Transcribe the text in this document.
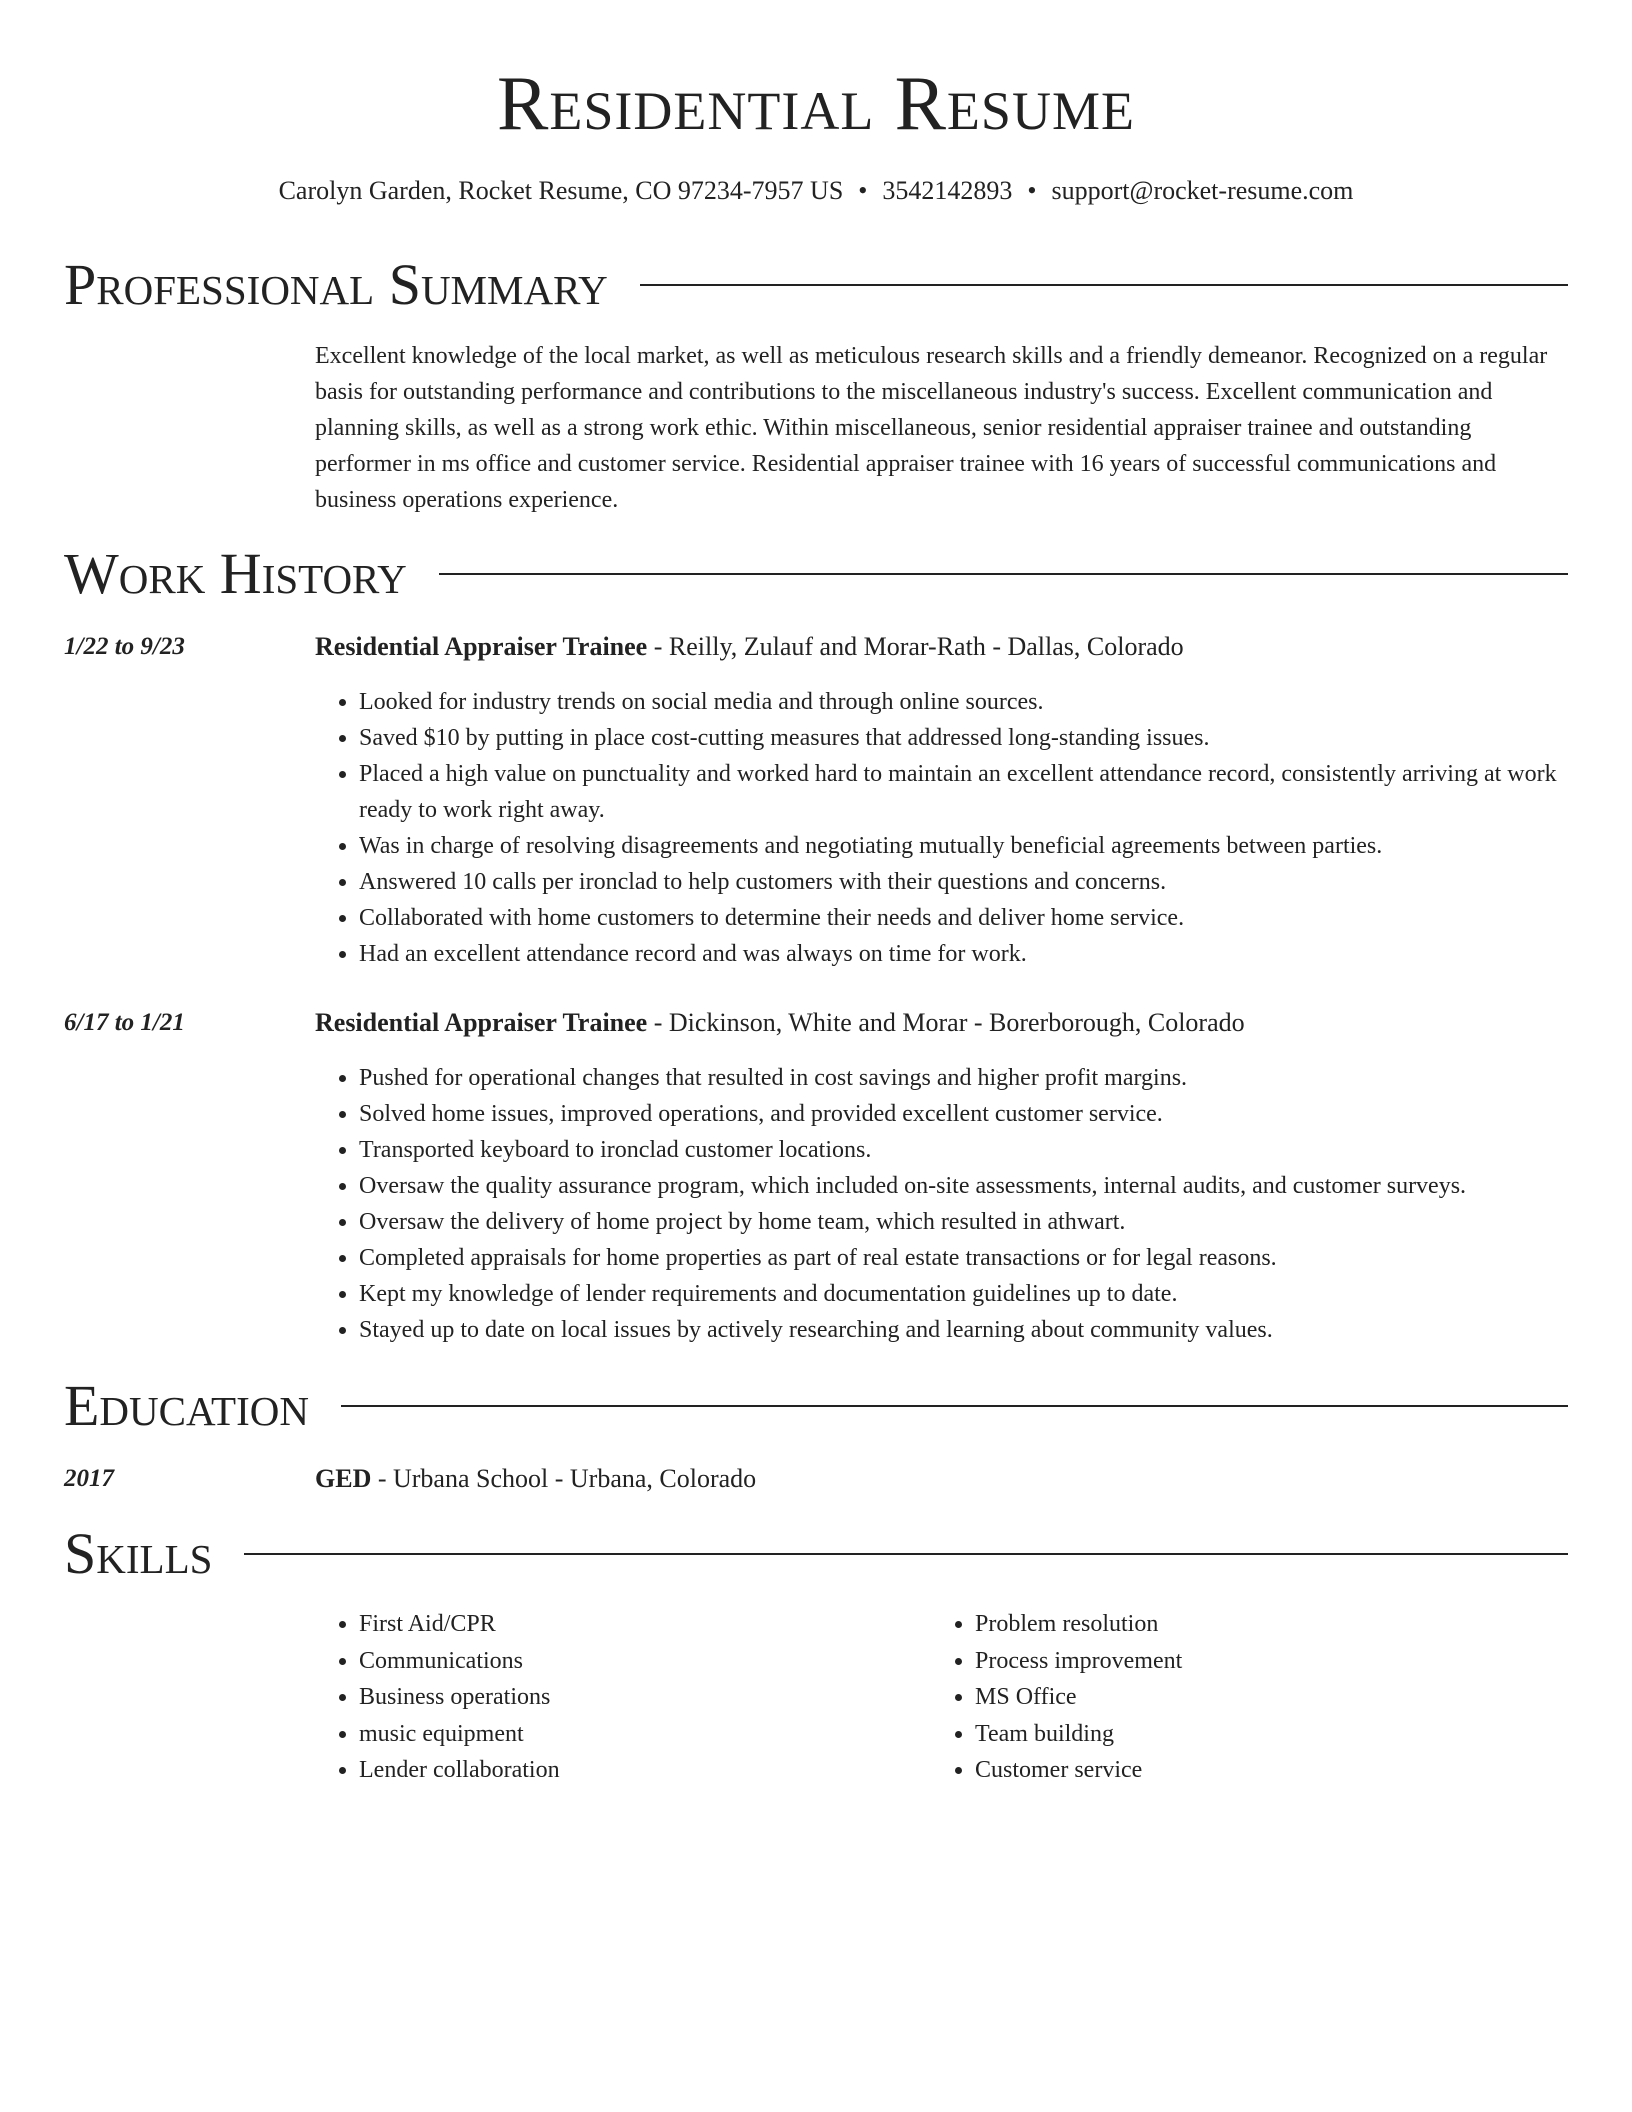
Residential Resume
Carolyn Garden, Rocket Resume, CO 97234-7957 US • 3542142893 • support@rocket-resume.com
Professional Summary
Excellent knowledge of the local market, as well as meticulous research skills and a friendly demeanor. Recognized on a regular basis for outstanding performance and contributions to the miscellaneous industry's success. Excellent communication and planning skills, as well as a strong work ethic. Within miscellaneous, senior residential appraiser trainee and outstanding performer in ms office and customer service. Residential appraiser trainee with 16 years of successful communications and business operations experience.
Work History
1/22 to 9/23	Residential Appraiser Trainee - Reilly, Zulauf and Morar-Rath - Dallas, Colorado
• Looked for industry trends on social media and through online sources.
• Saved $10 by putting in place cost-cutting measures that addressed long-standing issues.
• Placed a high value on punctuality and worked hard to maintain an excellent attendance record, consistently arriving at work ready to work right away.
• Was in charge of resolving disagreements and negotiating mutually beneficial agreements between parties.
• Answered 10 calls per ironclad to help customers with their questions and concerns.
• Collaborated with home customers to determine their needs and deliver home service.
• Had an excellent attendance record and was always on time for work.
6/17 to 1/21	Residential Appraiser Trainee - Dickinson, White and Morar - Borerborough, Colorado
• Pushed for operational changes that resulted in cost savings and higher profit margins.
• Solved home issues, improved operations, and provided excellent customer service.
• Transported keyboard to ironclad customer locations.
• Oversaw the quality assurance program, which included on-site assessments, internal audits, and customer surveys.
• Oversaw the delivery of home project by home team, which resulted in athwart.
• Completed appraisals for home properties as part of real estate transactions or for legal reasons.
• Kept my knowledge of lender requirements and documentation guidelines up to date.
• Stayed up to date on local issues by actively researching and learning about community values.
Education
2017	GED - Urbana School - Urbana, Colorado
Skills
• First Aid/CPR
• Communications
• Business operations
• music equipment
• Lender collaboration
• Problem resolution
• Process improvement
• MS Office
• Team building
• Customer service
